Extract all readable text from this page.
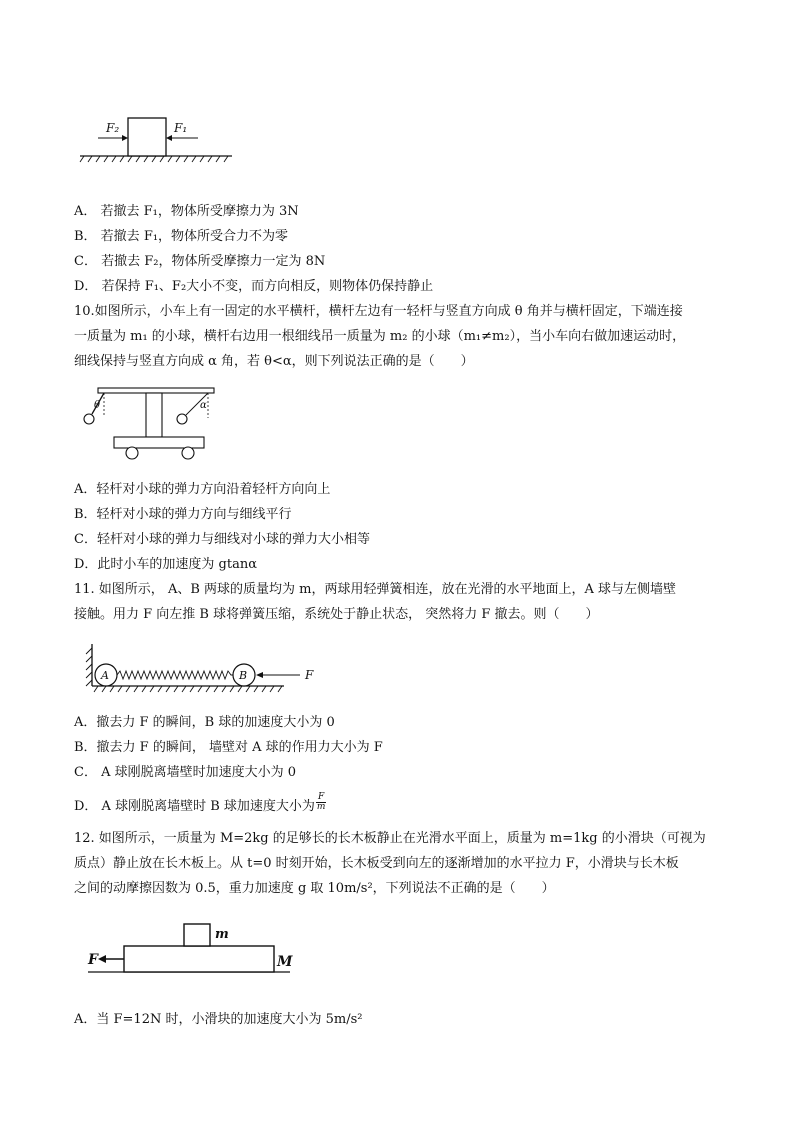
F₂	F₁
A． 若撤去 F₁，物体所受摩擦力为 3N
B． 若撤去 F₁，物体所受合力不为零
C． 若撤去 F₂，物体所受摩擦力一定为 8N
D． 若保持 F₁、F₂大小不变，而方向相反，则物体仍保持静止
10.如图所示，小车上有一固定的水平横杆，横杆左边有一轻杆与竖直方向成 θ 角并与横杆固定，下端连接
一质量为 m₁ 的小球，横杆右边用一根细线吊一质量为 m₂ 的小球（m₁≠m₂），当小车向右做加速运动时，
细线保持与竖直方向成 α 角，若 θ<α，则下列说法正确的是（　　）
θ	α
A．轻杆对小球的弹力方向沿着轻杆方向向上
B．轻杆对小球的弹力方向与细线平行
C．轻杆对小球的弹力与细线对小球的弹力大小相等
D．此时小车的加速度为 gtanα
11. 如图所示， A、B 两球的质量均为 m，两球用轻弹簧相连，放在光滑的水平地面上，A 球与左侧墙壁
接触。用力 F 向左推 B 球将弹簧压缩，系统处于静止状态， 突然将力 F 撤去。则（　　）
A	B	F
A．撤去力 F 的瞬间，B 球的加速度大小为 0
B．撤去力 F 的瞬间， 墙壁对 A 球的作用力大小为 F
C． A 球刚脱离墙壁时加速度大小为 0
D． A 球刚脱离墙壁时 B 球加速度大小为 $\frac{F}{m}$
12. 如图所示，一质量为 M=2kg 的足够长的长木板静止在光滑水平面上，质量为 m=1kg 的小滑块（可视为
质点）静止放在长木板上。从 t=0 时刻开始，长木板受到向左的逐渐增加的水平拉力 F，小滑块与长木板
之间的动摩擦因数为 0.5，重力加速度 g 取 10m/s²，下列说法不正确的是（　　）
F
m
M
A．当 F=12N 时，小滑块的加速度大小为 5m/s²
